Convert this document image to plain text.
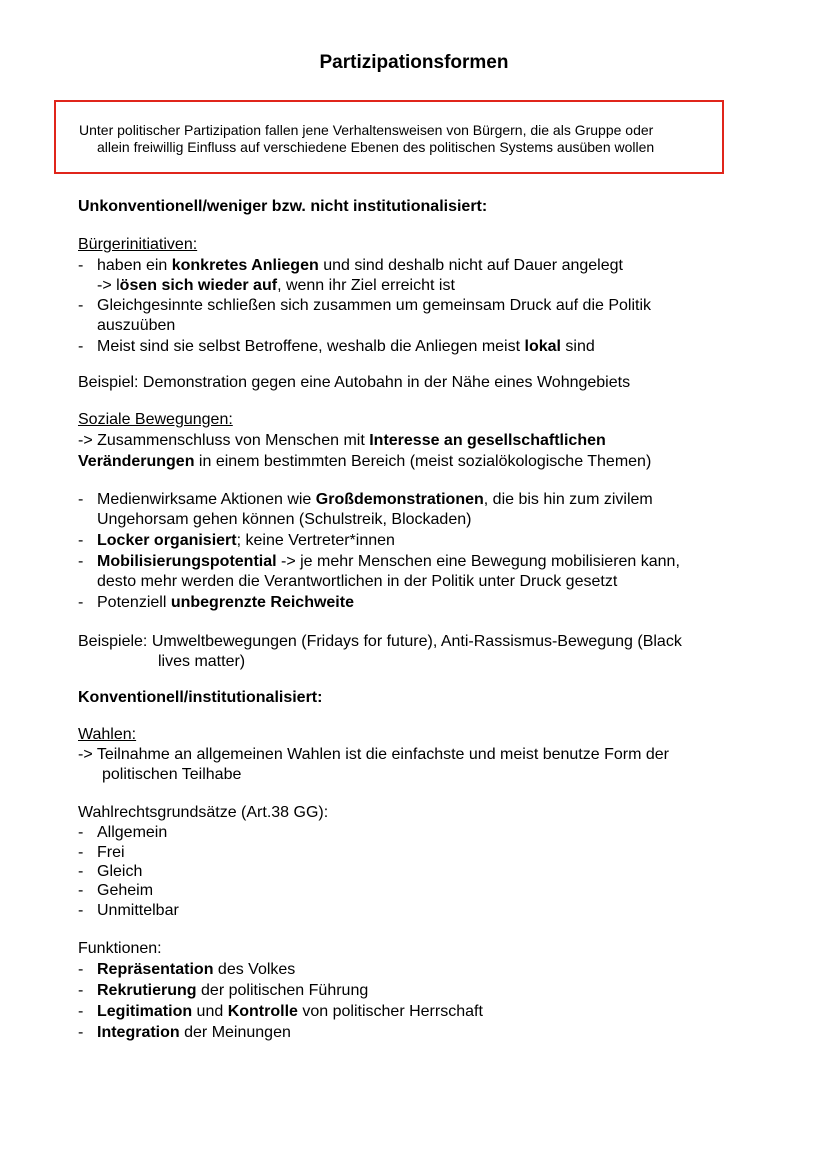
Partizipationsformen
Unter politischer Partizipation fallen jene Verhaltensweisen von Bürgern, die als Gruppe oder
allein freiwillig Einfluss auf verschiedene Ebenen des politischen Systems ausüben wollen
Unkonventionell/weniger bzw. nicht institutionalisiert:
Bürgerinitiativen:
- haben ein konkretes Anliegen und sind deshalb nicht auf Dauer angelegt
-> lösen sich wieder auf, wenn ihr Ziel erreicht ist
- Gleichgesinnte schließen sich zusammen um gemeinsam Druck auf die Politik
auszuüben
- Meist sind sie selbst Betroffene, weshalb die Anliegen meist lokal sind
Beispiel: Demonstration gegen eine Autobahn in der Nähe eines Wohngebiets
Soziale Bewegungen:
-> Zusammenschluss von Menschen mit Interesse an gesellschaftlichen
Veränderungen in einem bestimmten Bereich (meist sozialökologische Themen)
- Medienwirksame Aktionen wie Großdemonstrationen, die bis hin zum zivilem
Ungehorsam gehen können (Schulstreik, Blockaden)
- Locker organisiert; keine Vertreter*innen
- Mobilisierungspotential -> je mehr Menschen eine Bewegung mobilisieren kann,
desto mehr werden die Verantwortlichen in der Politik unter Druck gesetzt
- Potenziell unbegrenzte Reichweite
Beispiele: Umweltbewegungen (Fridays for future), Anti-Rassismus-Bewegung (Black
lives matter)
Konventionell/institutionalisiert:
Wahlen:
-> Teilnahme an allgemeinen Wahlen ist die einfachste und meist benutze Form der
politischen Teilhabe
Wahlrechtsgrundsätze (Art.38 GG):
- Allgemein
- Frei
- Gleich
- Geheim
- Unmittelbar
Funktionen:
- Repräsentation des Volkes
- Rekrutierung der politischen Führung
- Legitimation und Kontrolle von politischer Herrschaft
- Integration der Meinungen
